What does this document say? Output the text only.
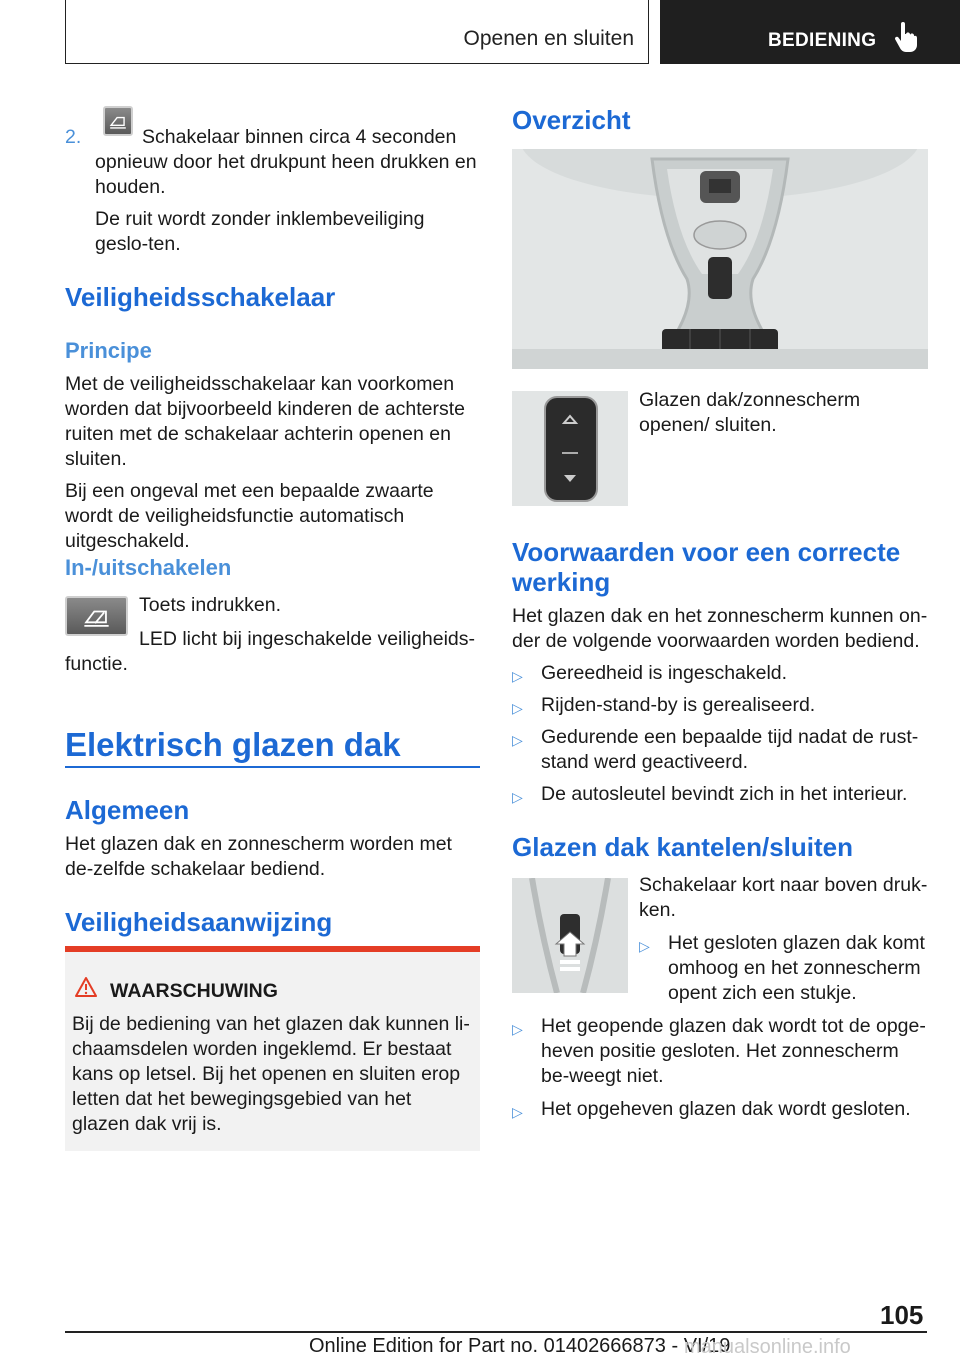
Openen en sluiten	BEDIENING
2.	Schakelaar binnen circa 4 seconden opnieuw door het drukpunt heen drukken en houden.
De ruit wordt zonder inklembeveiliging geslo-ten.
Veiligheidsschakelaar
Principe
Met de veiligheidsschakelaar kan voorkomen worden dat bijvoorbeeld kinderen de achterste ruiten met de schakelaar achterin openen en sluiten.
Bij een ongeval met een bepaalde zwaarte wordt de veiligheidsfunctie automatisch uitgeschakeld.
In-/uitschakelen
Toets indrukken.
LED licht bij ingeschakelde veiligheids-
functie.
Elektrisch glazen dak
Algemeen
Het glazen dak en zonnescherm worden met de-zelfde schakelaar bediend.
Veiligheidsaanwijzing
WAARSCHUWING
Bij de bediening van het glazen dak kunnen li-chaamsdelen worden ingeklemd. Er bestaat kans op letsel. Bij het openen en sluiten erop letten dat het bewegingsgebied van het glazen dak vrij is.
Overzicht
Glazen dak/zonnescherm openen/ sluiten.
Voorwaarden voor een correcte
werking
Het glazen dak en het zonnescherm kunnen on-der de volgende voorwaarden worden bediend.
▷ Gereedheid is ingeschakeld.
▷ Rijden-stand-by is gerealiseerd.
▷ Gedurende een bepaalde tijd nadat de rust-stand werd geactiveerd.
▷ De autosleutel bevindt zich in het interieur.
Glazen dak kantelen/sluiten
Schakelaar kort naar boven druk-ken.
▷ Het gesloten glazen dak komt omhoog en het zonnescherm opent zich een stukje.
▷ Het geopende glazen dak wordt tot de opge-heven positie gesloten. Het zonnescherm be-weegt niet.
▷ Het opgeheven glazen dak wordt gesloten.
105
Online Edition for Part no. 01402666873 - VI/19
manualsonline.info
